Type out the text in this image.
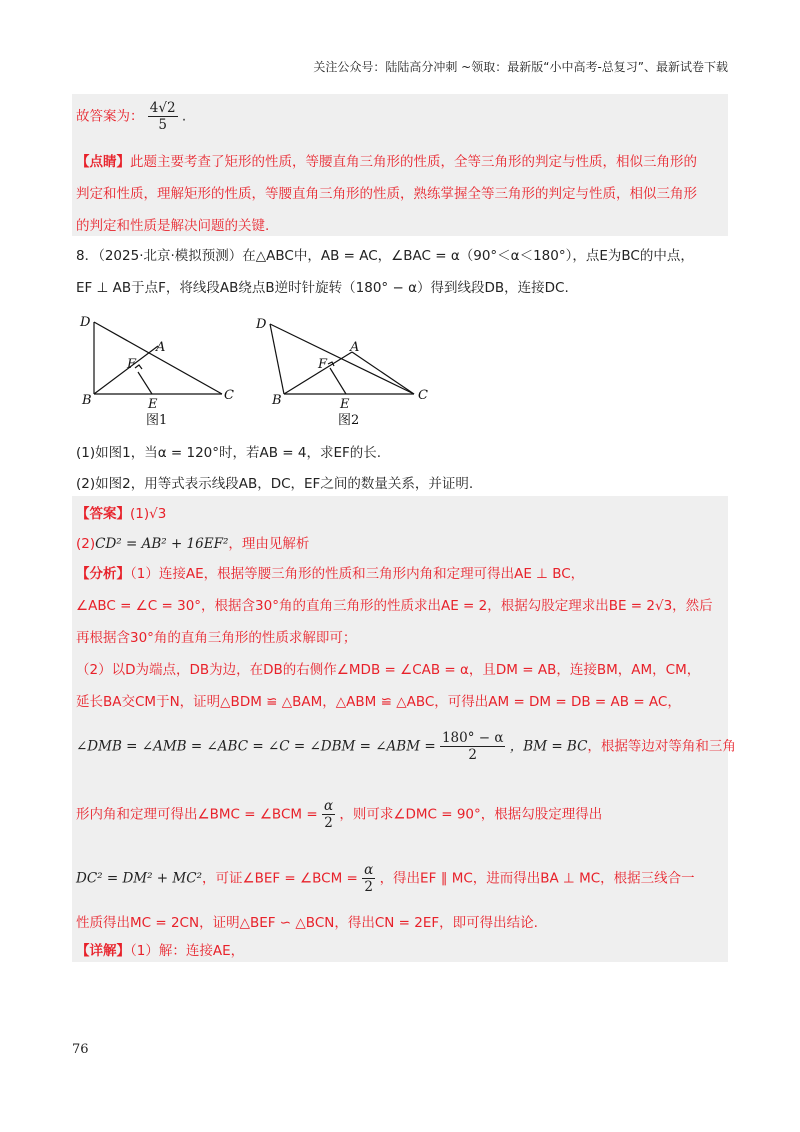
关注公众号：陆陆高分冲刺 ~领取：最新版“小中高考-总复习”、最新试卷下载
故答案为： $\frac{4√2}{5}$ .
【点睛】此题主要考查了矩形的性质，等腰直角三角形的性质，全等三角形的判定与性质，相似三角形的
判定和性质，理解矩形的性质，等腰直角三角形的性质，熟练掌握全等三角形的判定与性质，相似三角形
的判定和性质是解决问题的关键.
8．（2025·北京·模拟预测）在△ABC中，AB = AC，∠BAC = α（90°＜α＜180°），点E为BC的中点，
EF ⊥ AB于点F，将线段AB绕点B逆时针旋转（180° − α）得到线段DB，连接DC.
D
A
F
B	E
C
图1
D
A
F
B	E
C
图2
(1)如图1，当α = 120°时，若AB = 4，求EF的长.
(2)如图2，用等式表示线段AB，DC，EF之间的数量关系，并证明.
【答案】(1)√3
(2)CD² = AB² + 16EF²，理由见解析
【分析】（1）连接AE，根据等腰三角形的性质和三角形内角和定理可得出AE ⊥ BC，
∠ABC = ∠C = 30°，根据含30°角的直角三角形的性质求出AE = 2，根据勾股定理求出BE = 2√3，然后
再根据含30°角的直角三角形的性质求解即可；
（2）以D为端点，DB为边，在DB的右侧作∠MDB = ∠CAB = α，且DM = AB，连接BM，AM，CM，
延长BA交CM于N，证明△BDM ≌ △BAM，△ABM ≌ △ABC，可得出AM = DM = DB = AB = AC，
∠DMB = ∠AMB = ∠ABC = ∠C = ∠DBM = ∠ABM = $\frac{180^\circ - \alpha}{2}$ ，BM = BC，根据等边对等角和三角
形内角和定理可得出∠BMC = ∠BCM = $\frac{\alpha}{2}$ ，则可求∠DMC = 90°，根据勾股定理得出
DC² = DM² + MC²，可证∠BEF = ∠BCM = $\frac{\alpha}{2}$ ，得出EF ∥ MC，进而得出BA ⊥ MC，根据三线合一
性质得出MC = 2CN，证明△BEF ∽ △BCN，得出CN = 2EF，即可得出结论.
【详解】（1）解：连接AE，
76
